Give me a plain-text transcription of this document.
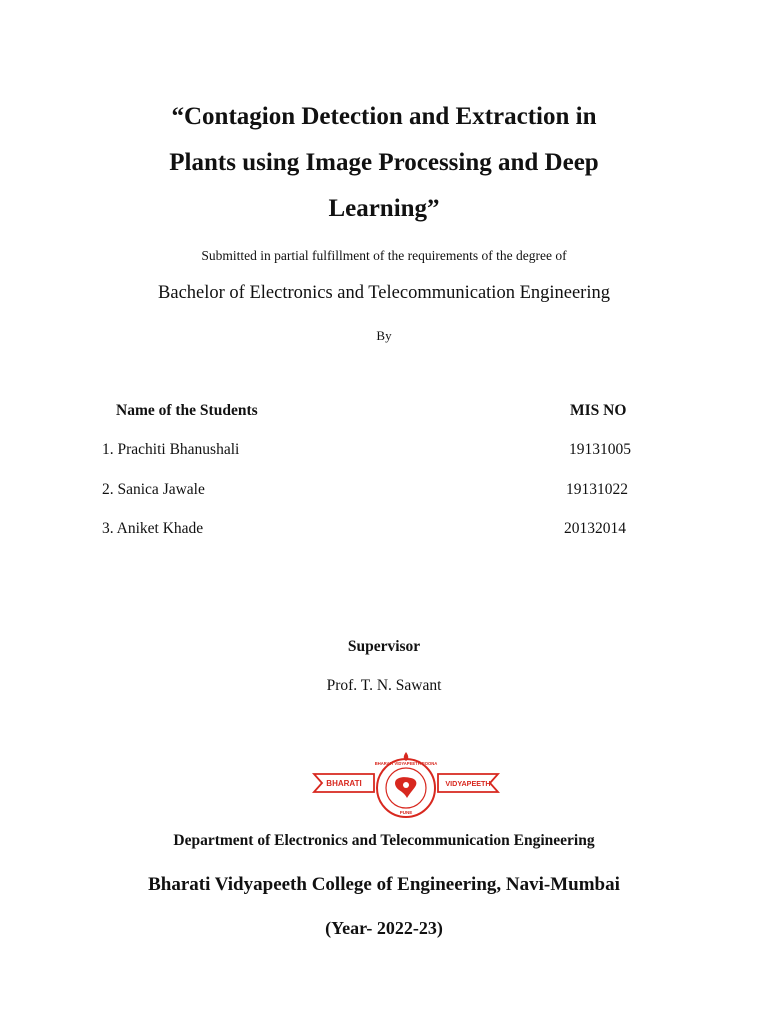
“Contagion Detection and Extraction in
Plants using Image Processing and Deep
Learning”
Submitted in partial fulfillment of the requirements of the degree of
Bachelor of Electronics and Telecommunication Engineering
By
Name of the Students	MIS NO
1. Prachiti Bhanushali	19131005
2. Sanica Jawale	19131022
3. Aniket Khade	20132014
Supervisor
Prof. T. N. Sawant
BHARATI VIDYAPEETH POONA
BHARATI	VIDYAPEETH
PUNE
Department of Electronics and Telecommunication Engineering
Bharati Vidyapeeth College of Engineering, Navi-Mumbai
(Year- 2022-23)
